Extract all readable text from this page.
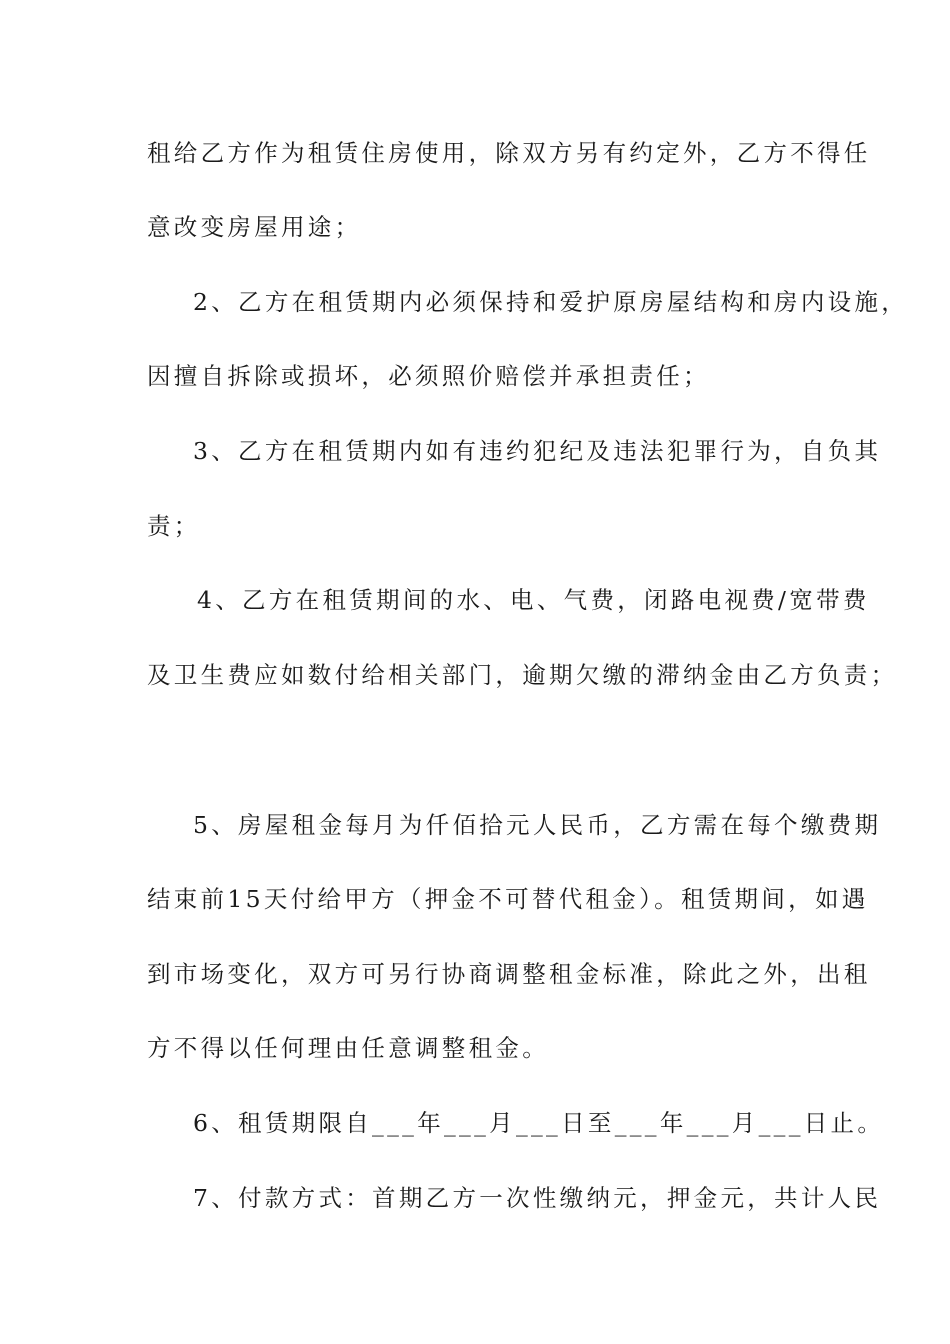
租给乙方作为租赁住房使用，除双方另有约定外，乙方不得任

意改变房屋用途；

2、乙方在租赁期内必须保持和爱护原房屋结构和房内设施，

因擅自拆除或损坏，必须照价赔偿并承担责任；

3、乙方在租赁期内如有违约犯纪及违法犯罪行为，自负其

责；

4、乙方在租赁期间的水、电、气费，闭路电视费/宽带费

及卫生费应如数付给相关部门，逾期欠缴的滞纳金由乙方负责；

5、房屋租金每月为仟佰拾元人民币，乙方需在每个缴费期

结束前15天付给甲方（押金不可替代租金）。租赁期间，如遇

到市场变化，双方可另行协商调整租金标准，除此之外，出租

方不得以任何理由任意调整租金。

6、租赁期限自___年___月___日至___年___月___日止。

7、付款方式：首期乙方一次性缴纳元，押金元，共计人民
